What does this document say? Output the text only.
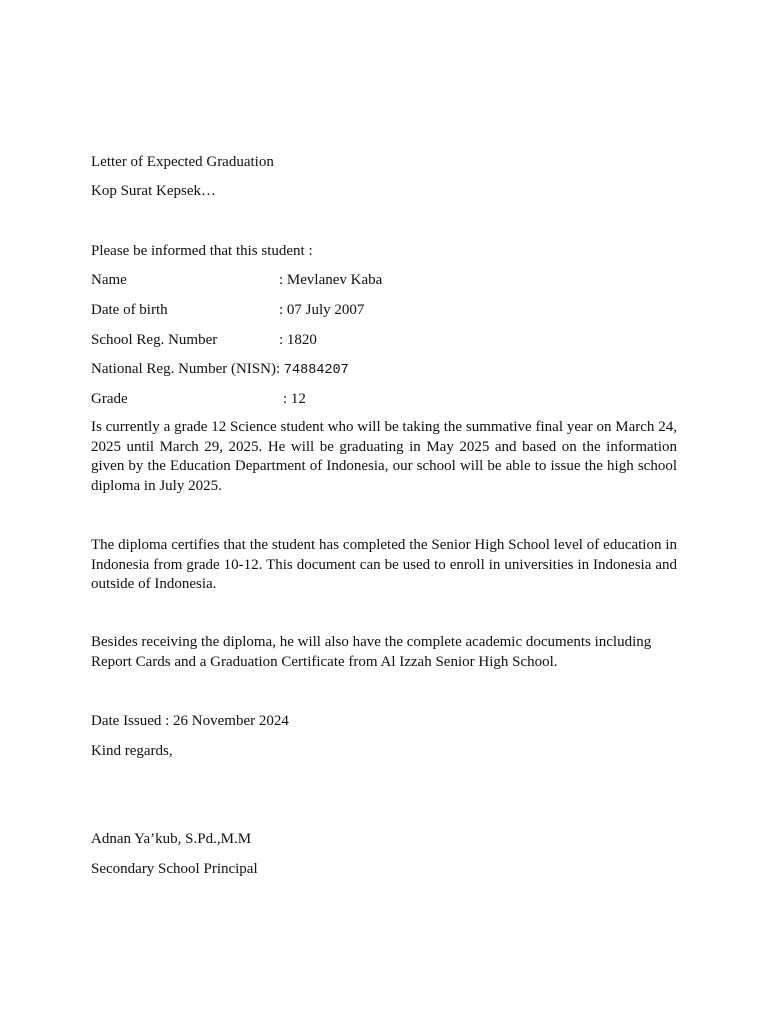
Letter of Expected Graduation
Kop Surat Kepsek…
Please be informed that this student :
Name	: Mevlanev Kaba
Date of birth	: 07 July 2007
School Reg. Number	: 1820
National Reg. Number (NISN) : 74884207
Grade	: 12
Is currently a grade 12 Science student who will be taking the summative final year on March 24, 2025 until March 29, 2025. He will be graduating in May 2025 and based on the information given by the Education Department of Indonesia, our school will be able to issue the high school diploma in July 2025.
The diploma certifies that the student has completed the Senior High School level of education in Indonesia from grade 10-12. This document can be used to enroll in universities in Indonesia and outside of Indonesia.
Besides receiving the diploma, he will also have the complete academic documents including Report Cards and a Graduation Certificate from Al Izzah Senior High School.
Date Issued : 26 November 2024
Kind regards,
Adnan Ya’kub, S.Pd.,M.M
Secondary School Principal
